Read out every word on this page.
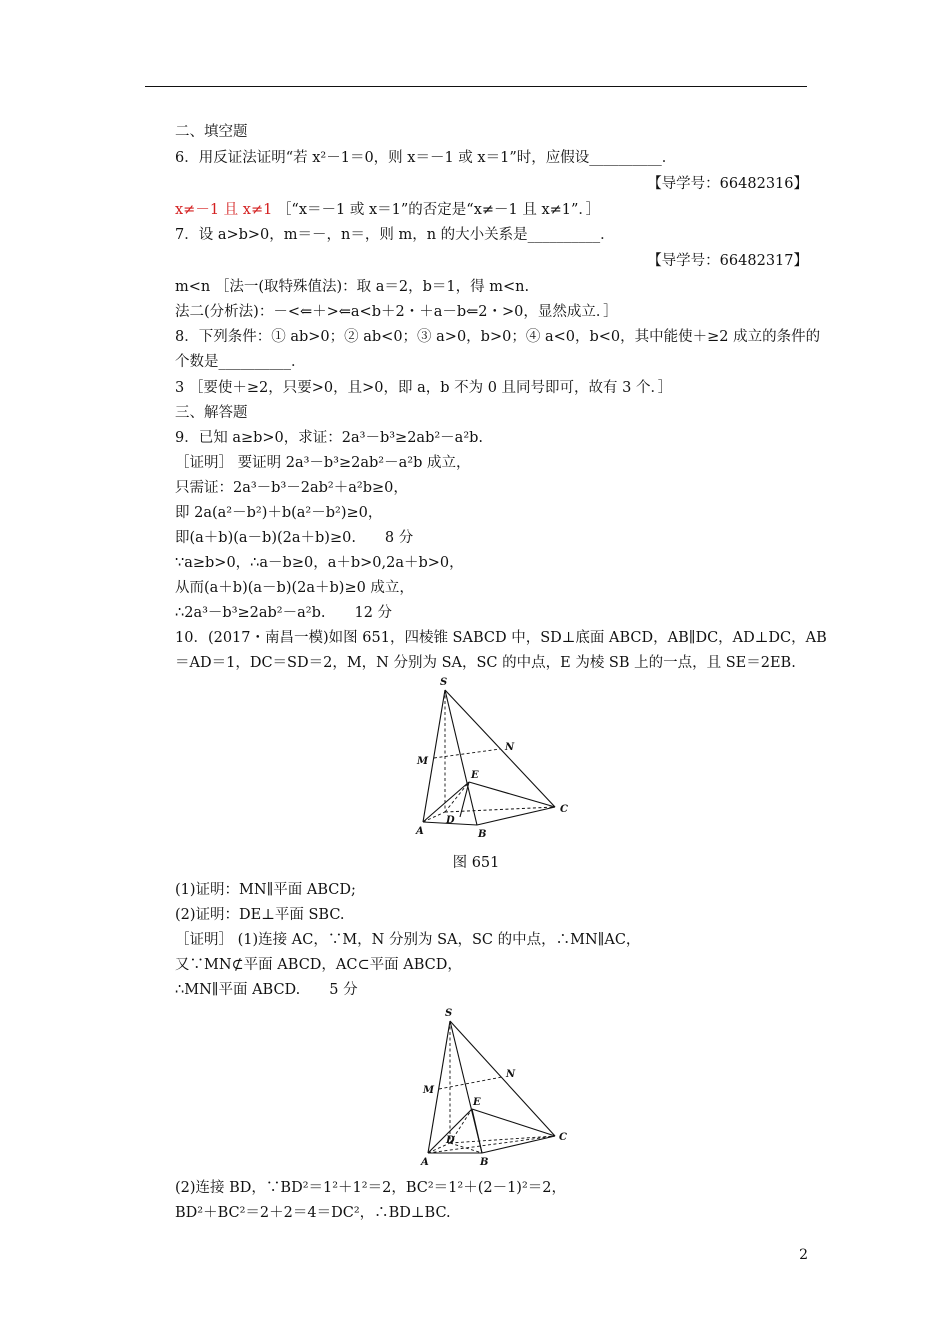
二、填空题
6．用反证法证明“若 x²－1＝0，则 x＝－1 或 x＝1”时，应假设__________．
【导学号：66482316】
x≠－1 且 x≠1 ［“x＝－1 或 x＝1”的否定是“x≠－1 且 x≠1”．］
7．设 a>b>0，m＝－，n＝，则 m，n 的大小关系是__________．
【导学号：66482317】
m<n ［法一(取特殊值法)：取 a＝2，b＝1，得 m<n.
法二(分析法)：－<⇐＋>⇐a<b＋2・＋a－b⇐2・>0，显然成立．］
8．下列条件：① ab>0；② ab<0；③ a>0，b>0；④ a<0，b<0，其中能使＋≥2 成立的条件的
个数是__________．
3 ［要使＋≥2，只要>0，且>0，即 a，b 不为 0 且同号即可，故有 3 个．］
三、解答题
9．已知 a≥b>0，求证：2a³－b³≥2ab²－a²b.
［证明］ 要证明 2a³－b³≥2ab²－a²b 成立，
只需证：2a³－b³－2ab²＋a²b≥0，
即 2a(a²－b²)＋b(a²－b²)≥0，
即(a＋b)(a－b)(2a＋b)≥0.　　8 分
∵a≥b>0，∴a－b≥0，a＋b>0,2a＋b>0，
从而(a＋b)(a－b)(2a＋b)≥0 成立，
∴2a³－b³≥2ab²－a²b.　　12 分
10．(2017・南昌一模)如图 651，四棱锥 SABCD 中，SD⊥底面 ABCD，AB∥DC，AD⊥DC，AB
＝AD＝1，DC＝SD＝2，M，N 分别为 SA，SC 的中点，E 为棱 SB 上的一点，且 SE＝2EB.
S
M
N
E
D
A	B
C
图 651
(1)证明：MN∥平面 ABCD;
(2)证明：DE⊥平面 SBC.
［证明］ (1)连接 AC，∵M，N 分别为 SA，SC 的中点，∴MN∥AC，
又∵MN⊄平面 ABCD，AC⊂平面 ABCD，
∴MN∥平面 ABCD.　　5 分
S
M
N
E
D
A	B
C
(2)连接 BD，∵BD²＝1²＋1²＝2，BC²＝1²＋(2－1)²＝2，
BD²＋BC²＝2＋2＝4＝DC²，∴BD⊥BC.
2
